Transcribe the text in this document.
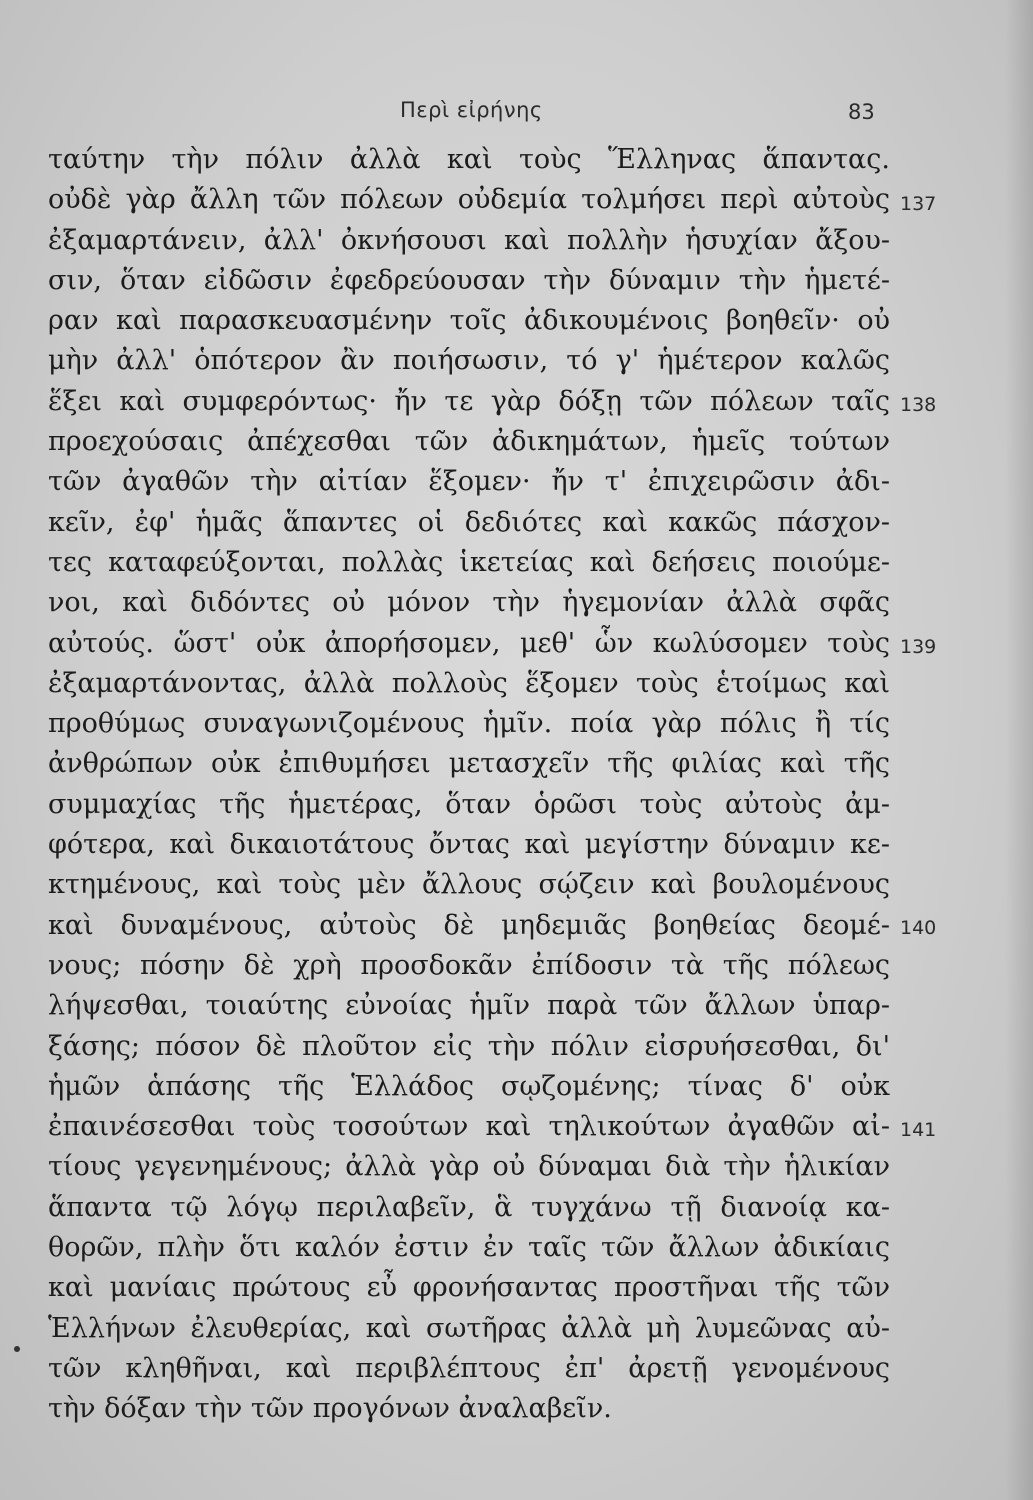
Περὶ εἰρήνης	83
ταύτην τὴν πόλιν ἀλλὰ καὶ τοὺς Ἕλληνας ἅπαντας.
οὐδὲ γὰρ ἄλλη τῶν πόλεων οὐδεμία τολμήσει περὶ αὐτοὺς
ἐξαμαρτάνειν, ἀλλ' ὀκνήσουσι καὶ πολλὴν ἡσυχίαν ἄξου-
σιν, ὅταν εἰδῶσιν ἐφεδρεύουσαν τὴν δύναμιν τὴν ἡμετέ-
ραν καὶ παρασκευασμένην τοῖς ἀδικουμένοις βοηθεῖν· οὐ
μὴν ἀλλ' ὁπότερον ἂν ποιήσωσιν, τό γ' ἡμέτερον καλῶς
ἕξει καὶ συμφερόντως· ἤν τε γὰρ δόξῃ τῶν πόλεων ταῖς
προεχούσαις ἀπέχεσθαι τῶν ἀδικημάτων, ἡμεῖς τούτων
τῶν ἀγαθῶν τὴν αἰτίαν ἕξομεν· ἤν τ' ἐπιχειρῶσιν ἀδι-
κεῖν, ἐφ' ἡμᾶς ἅπαντες οἱ δεδιότες καὶ κακῶς πάσχον-
τες καταφεύξονται, πολλὰς ἱκετείας καὶ δεήσεις ποιούμε-
νοι, καὶ διδόντες οὐ μόνον τὴν ἡγεμονίαν ἀλλὰ σφᾶς
αὐτούς. ὥστ' οὐκ ἀπορήσομεν, μεθ' ὧν κωλύσομεν τοὺς
ἐξαμαρτάνοντας, ἀλλὰ πολλοὺς ἕξομεν τοὺς ἑτοίμως καὶ
προθύμως συναγωνιζομένους ἡμῖν. ποία γὰρ πόλις ἢ τίς
ἀνθρώπων οὐκ ἐπιθυμήσει μετασχεῖν τῆς φιλίας καὶ τῆς
συμμαχίας τῆς ἡμετέρας, ὅταν ὁρῶσι τοὺς αὐτοὺς ἀμ-
φότερα, καὶ δικαιοτάτους ὄντας καὶ μεγίστην δύναμιν κε-
κτημένους, καὶ τοὺς μὲν ἄλλους σῴζειν καὶ βουλομένους
καὶ δυναμένους, αὐτοὺς δὲ μηδεμιᾶς βοηθείας δεομέ-
νους; πόσην δὲ χρὴ προσδοκᾶν ἐπίδοσιν τὰ τῆς πόλεως
λήψεσθαι, τοιαύτης εὐνοίας ἡμῖν παρὰ τῶν ἄλλων ὑπαρ-
ξάσης; πόσον δὲ πλοῦτον εἰς τὴν πόλιν εἰσρυήσεσθαι, δι'
ἡμῶν ἁπάσης τῆς Ἑλλάδος σῳζομένης; τίνας δ' οὐκ
ἐπαινέσεσθαι τοὺς τοσούτων καὶ τηλικούτων ἀγαθῶν αἰ-
τίους γεγενημένους; ἀλλὰ γὰρ οὐ δύναμαι διὰ τὴν ἡλικίαν
ἅπαντα τῷ λόγῳ περιλαβεῖν, ἃ τυγχάνω τῇ διανοίᾳ κα-
θορῶν, πλὴν ὅτι καλόν ἐστιν ἐν ταῖς τῶν ἄλλων ἀδικίαις
καὶ μανίαις πρώτους εὖ φρονήσαντας προστῆναι τῆς τῶν
Ἑλλήνων ἐλευθερίας, καὶ σωτῆρας ἀλλὰ μὴ λυμεῶνας αὐ-
τῶν κληθῆναι, καὶ περιβλέπτους ἐπ' ἀρετῇ γενομένους
τὴν δόξαν τὴν τῶν προγόνων ἀναλαβεῖν.
137
138
139
140
141
